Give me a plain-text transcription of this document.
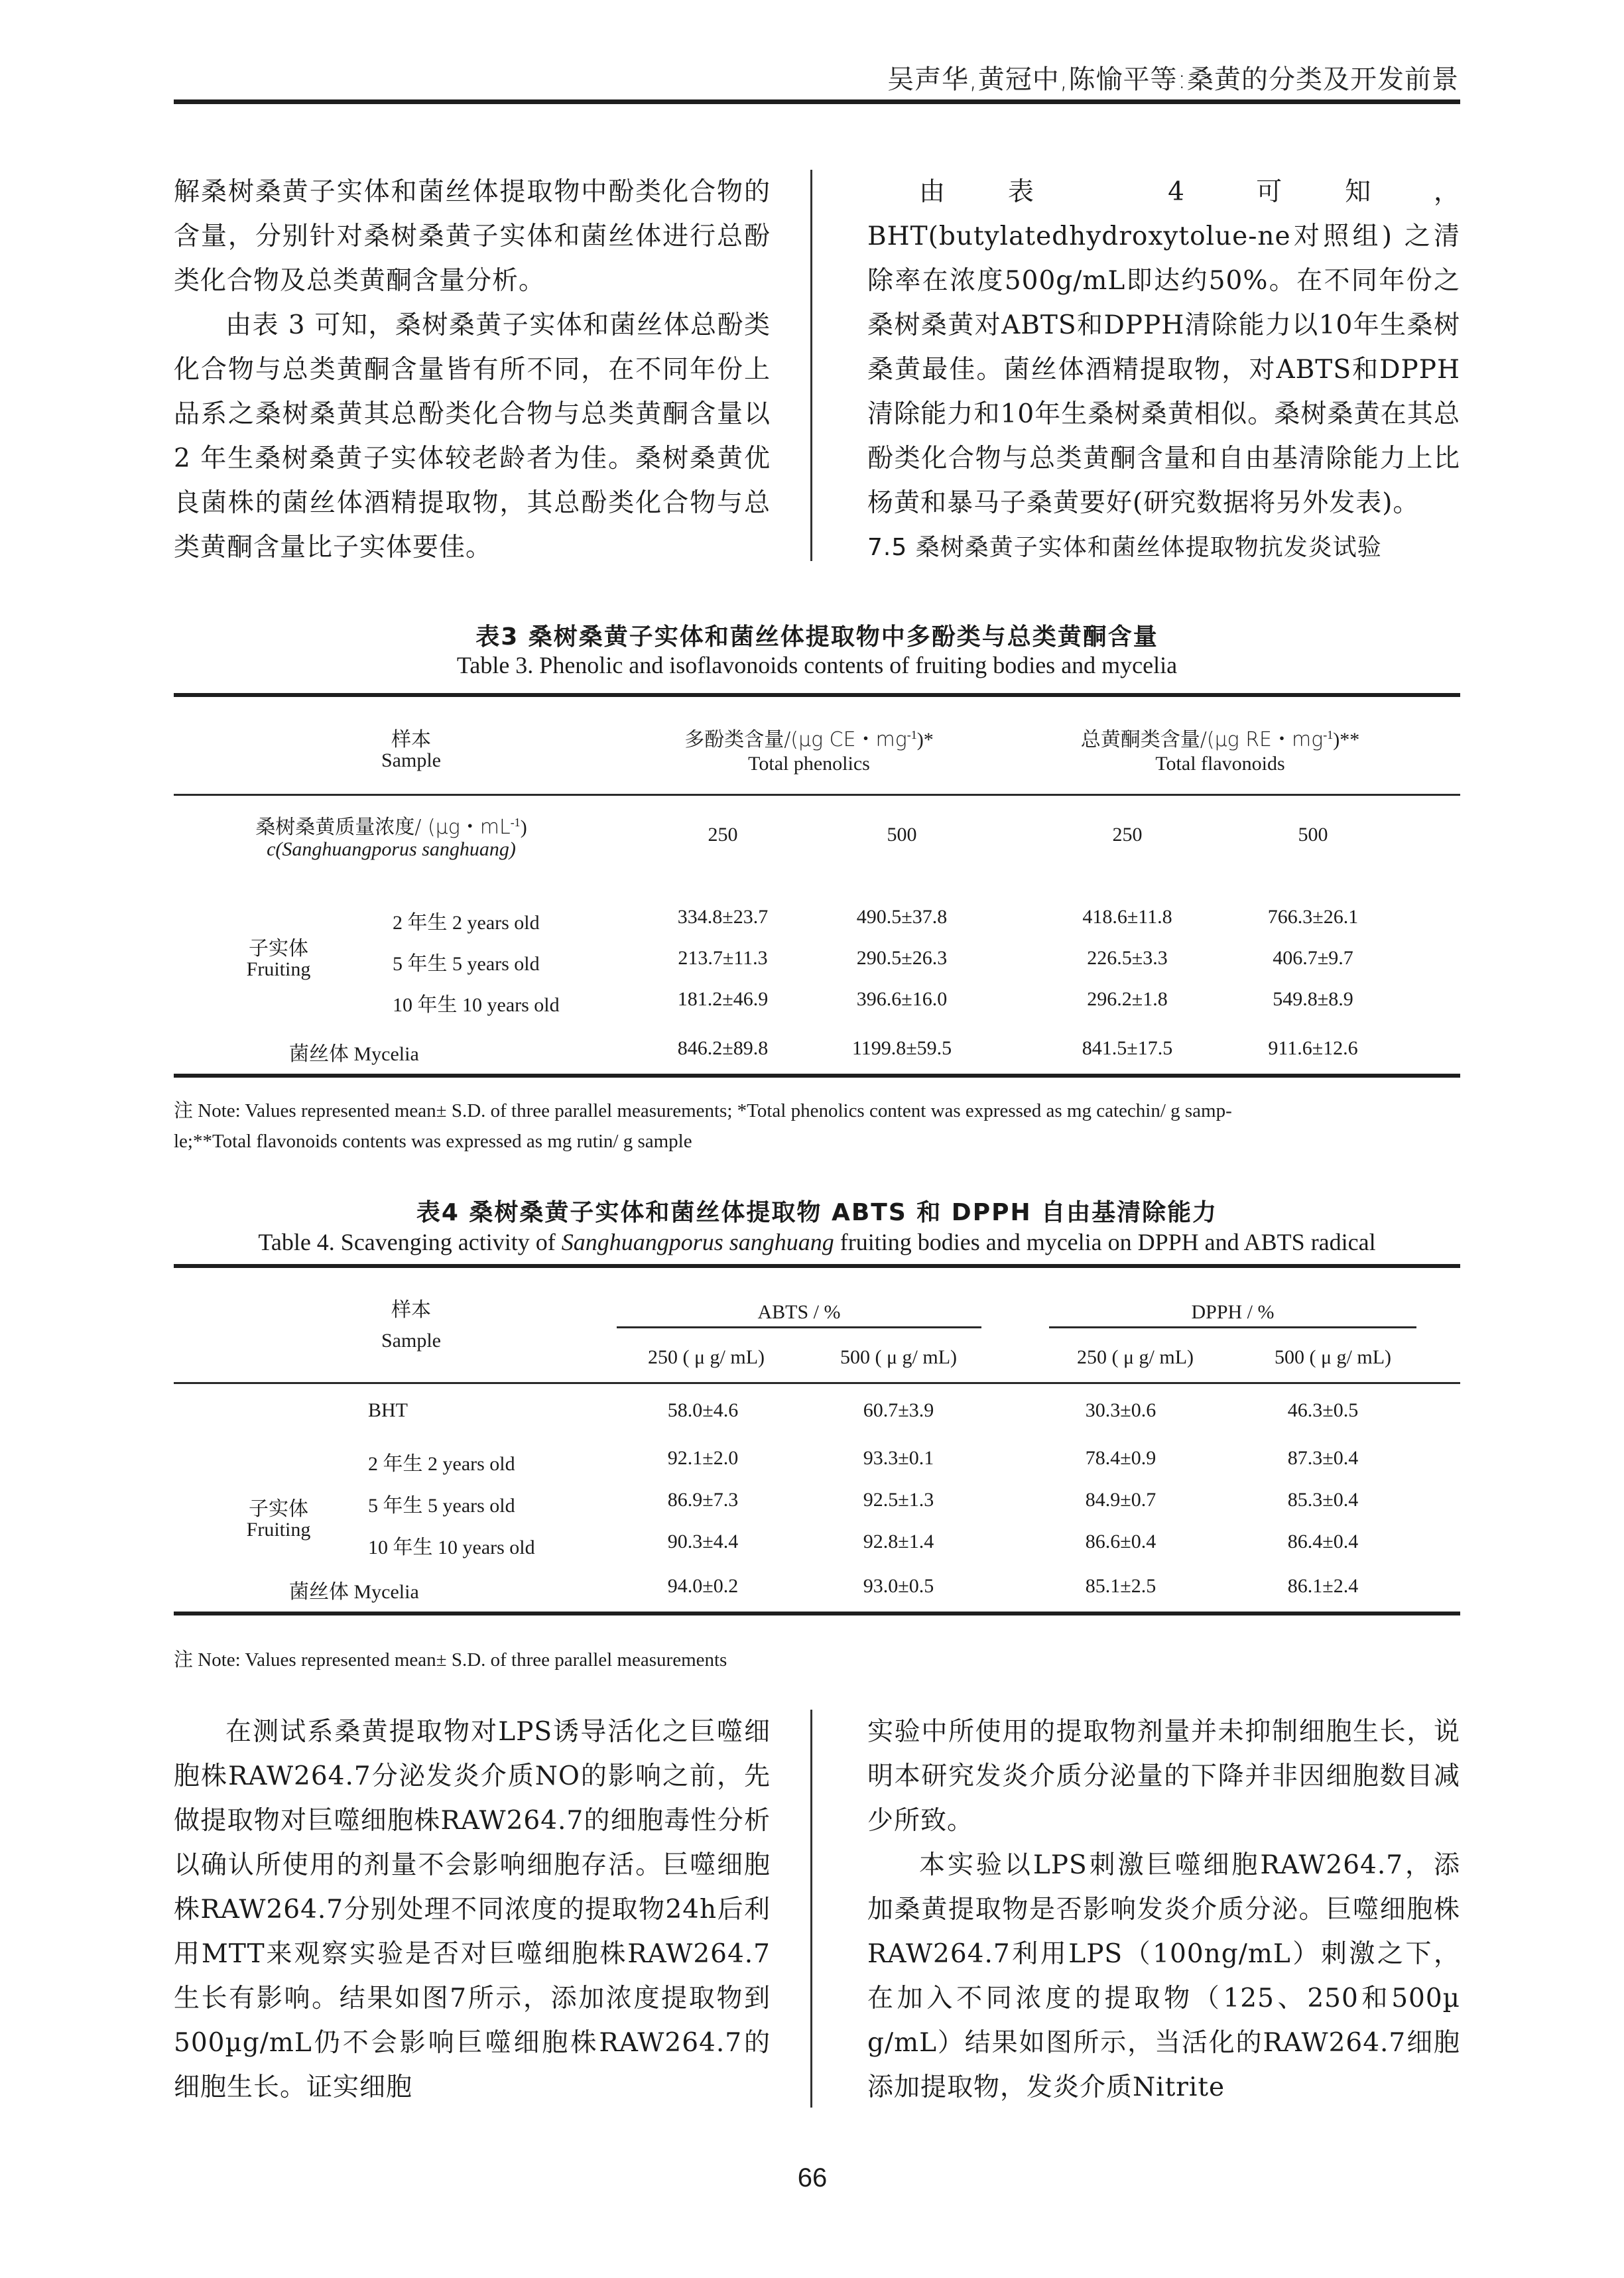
吴声华,黄冠中,陈愉平等:桑黄的分类及开发前景

解桑树桑黄子实体和菌丝体提取物中酚类化合物的含量，分别针对桑树桑黄子实体和菌丝体进行总酚类化合物及总类黄酮含量分析。

由表 3 可知，桑树桑黄子实体和菌丝体总酚类化合物与总类黄酮含量皆有所不同，在不同年份上品系之桑树桑黄其总酚类化合物与总类黄酮含量以 2 年生桑树桑黄子实体较老龄者为佳。桑树桑黄优良菌株的菌丝体酒精提取物，其总酚类化合物与总类黄酮含量比子实体要佳。

由表 4 可知，BHT(butylatedhydroxytolue-ne对照组) 之清除率在浓度500g/mL即达约50%。在不同年份之桑树桑黄对ABTS和DPPH清除能力以10年生桑树桑黄最佳。菌丝体酒精提取物，对ABTS和DPPH清除能力和10年生桑树桑黄相似。桑树桑黄在其总酚类化合物与总类黄酮含量和自由基清除能力上比杨黄和暴马子桑黄要好(研究数据将另外发表)。

7.5 桑树桑黄子实体和菌丝体提取物抗发炎试验

表3 桑树桑黄子实体和菌丝体提取物中多酚类与总类黄酮含量
Table 3. Phenolic and isoflavonoids contents of fruiting bodies and mycelia
样本
Sample
多酚类含量/(µg CE・$mg^{-1})*$
Total phenolics
总黄酮类含量/(µg RE・$mg^{-1})**$
Total flavonoids
桑树桑黄质量浓度/ (µg・$mL^{-1}$)
c(Sanghuangporus sanghuang)
250	500	250	500
子实体
Fruiting
2 年生 2 years old	334.8±23.7	490.5±37.8	418.6±11.8	766.3±26.1
5 年生 5 years old	213.7±11.3	290.5±26.3	226.5±3.3	406.7±9.7
10 年生 10 years old	181.2±46.9	396.6±16.0	296.2±1.8	549.8±8.9
菌丝体 Mycelia	846.2±89.8	1199.8±59.5	841.5±17.5	911.6±12.6
注 Note: Values represented mean± S.D. of three parallel measurements; *Total phenolics content was expressed as mg catechin/ g samp-
le;**Total flavonoids contents was expressed as mg rutin/ g sample
表4 桑树桑黄子实体和菌丝体提取物 ABTS 和 DPPH 自由基清除能力
Table 4. Scavenging activity of Sanghuangporus sanghuang fruiting bodies and mycelia on DPPH and ABTS radical
样本
Sample
ABTS / %	DPPH / %
250 ( μ g/ mL)	500 ( μ g/ mL)	250 ( μ g/ mL)	500 ( μ g/ mL)
子实体
Fruiting
BHT	58.0±4.6	60.7±3.9	30.3±0.6	46.3±0.5
2 年生 2 years old	92.1±2.0	93.3±0.1	78.4±0.9	87.3±0.4
5 年生 5 years old	86.9±7.3	92.5±1.3	84.9±0.7	85.3±0.4
10 年生 10 years old	90.3±4.4	92.8±1.4	86.6±0.4	86.4±0.4
菌丝体 Mycelia	94.0±0.2	93.0±0.5	85.1±2.5	86.1±2.4
注 Note: Values represented mean± S.D. of three parallel measurements

在测试系桑黄提取物对LPS诱导活化之巨噬细胞株RAW264.7分泌发炎介质NO的影响之前，先做提取物对巨噬细胞株RAW264.7的细胞毒性分析以确认所使用的剂量不会影响细胞存活。巨噬细胞株RAW264.7分别处理不同浓度的提取物24h后利用MTT来观察实验是否对巨噬细胞株RAW264.7生长有影响。结果如图7所示，添加浓度提取物到500µg/mL仍不会影响巨噬细胞株RAW264.7的细胞生长。证实细胞

实验中所使用的提取物剂量并未抑制细胞生长，说明本研究发炎介质分泌量的下降并非因细胞数目减少所致。

本实验以LPS刺激巨噬细胞RAW264.7，添加桑黄提取物是否影响发炎介质分泌。巨噬细胞株RAW264.7利用LPS（100ng/mL）刺激之下，在加入不同浓度的提取物（125、250和500µ g/mL）结果如图所示，当活化的RAW264.7细胞添加提取物，发炎介质Nitrite

66
